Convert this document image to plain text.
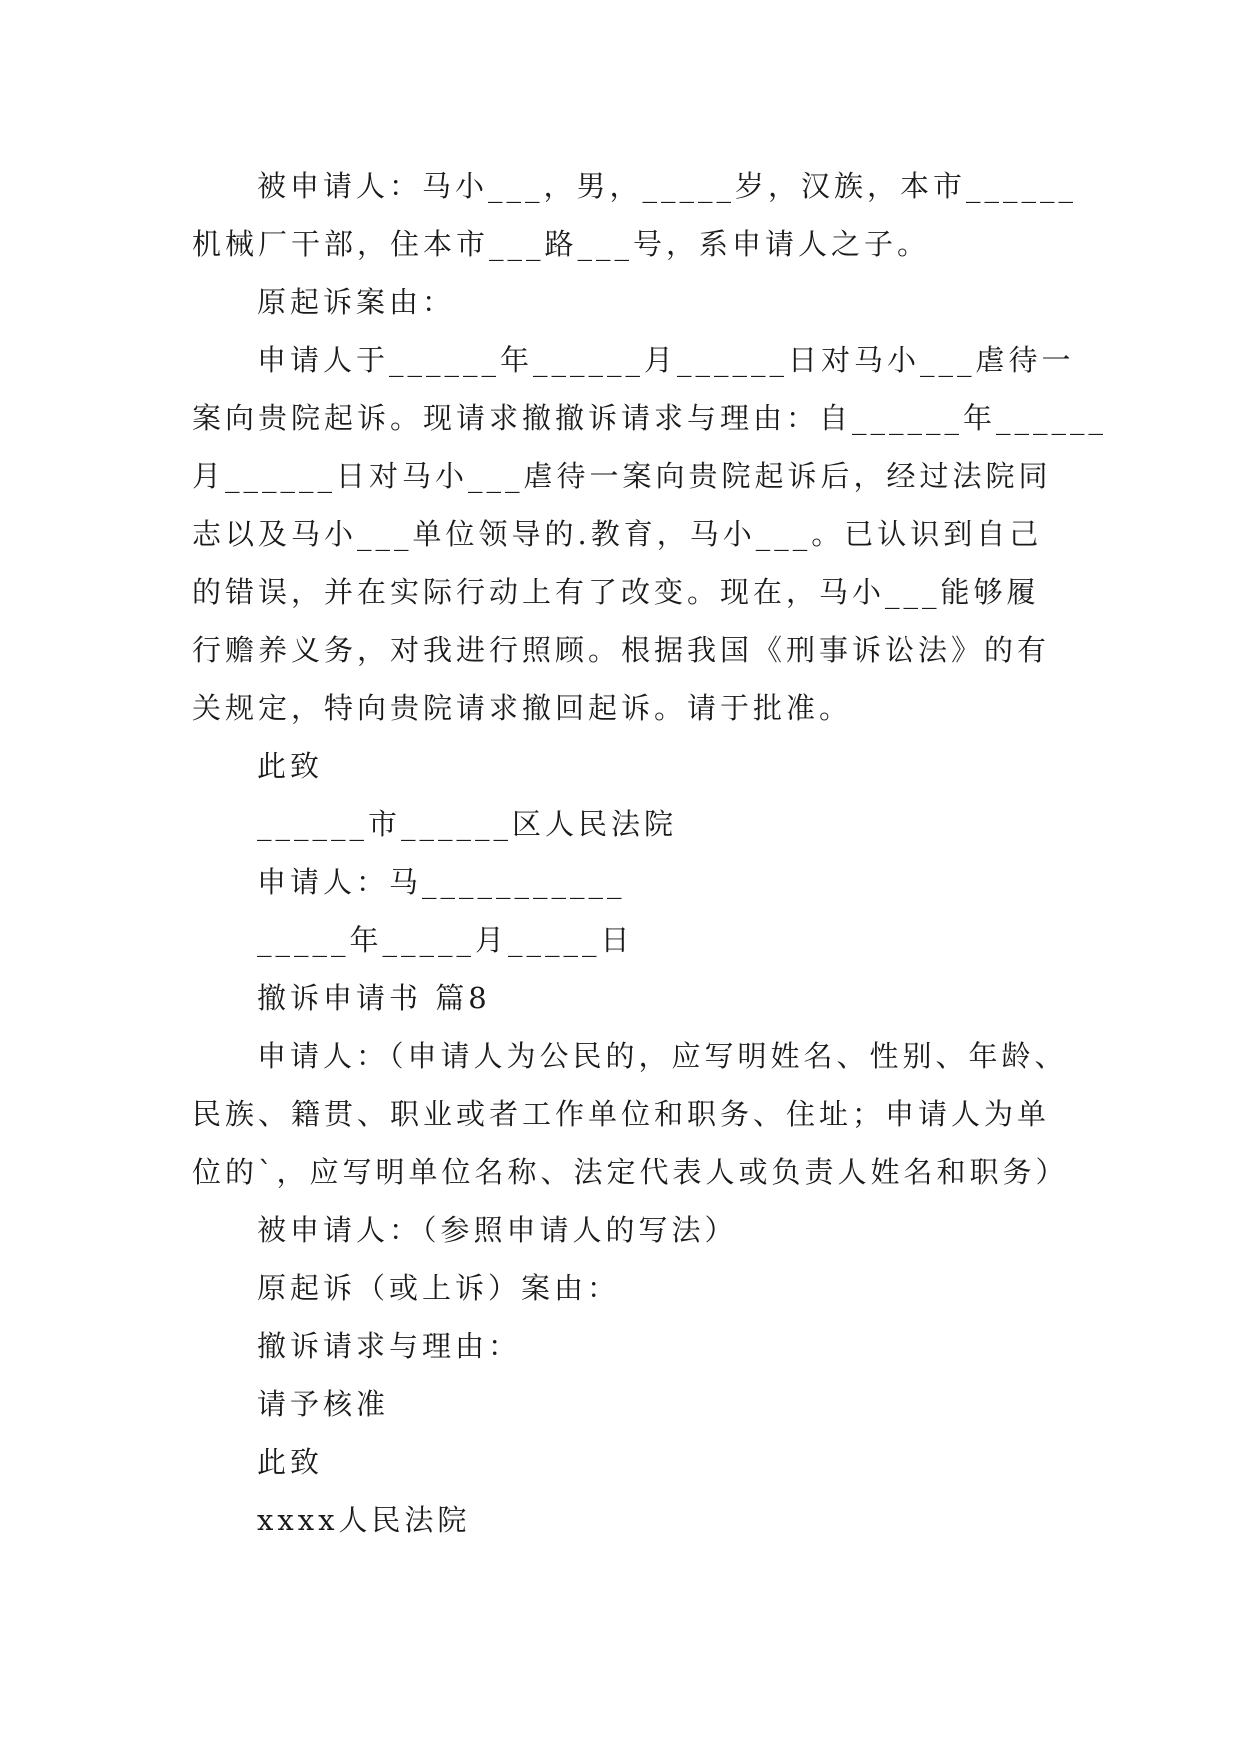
被申请人：马小___，男，_____岁，汉族，本市______
机械厂干部，住本市___路___号，系申请人之子。
原起诉案由：
申请人于______年______月______日对马小___虐待一
案向贵院起诉。现请求撤撤诉请求与理由：自______年______
月______日对马小___虐待一案向贵院起诉后，经过法院同
志以及马小___单位领导的.教育，马小___。已认识到自己
的错误，并在实际行动上有了改变。现在，马小___能够履
行赡养义务，对我进行照顾。根据我国《刑事诉讼法》的有
关规定，特向贵院请求撤回起诉。请于批准。
此致
______市______区人民法院
申请人：马___________
_____年_____月_____日
撤诉申请书 篇8
申请人：（申请人为公民的，应写明姓名、性别、年龄、
民族、籍贯、职业或者工作单位和职务、住址；申请人为单
位的`，应写明单位名称、法定代表人或负责人姓名和职务）
被申请人：（参照申请人的写法）
原起诉（或上诉）案由：
撤诉请求与理由：
请予核准
此致
xxxx人民法院
